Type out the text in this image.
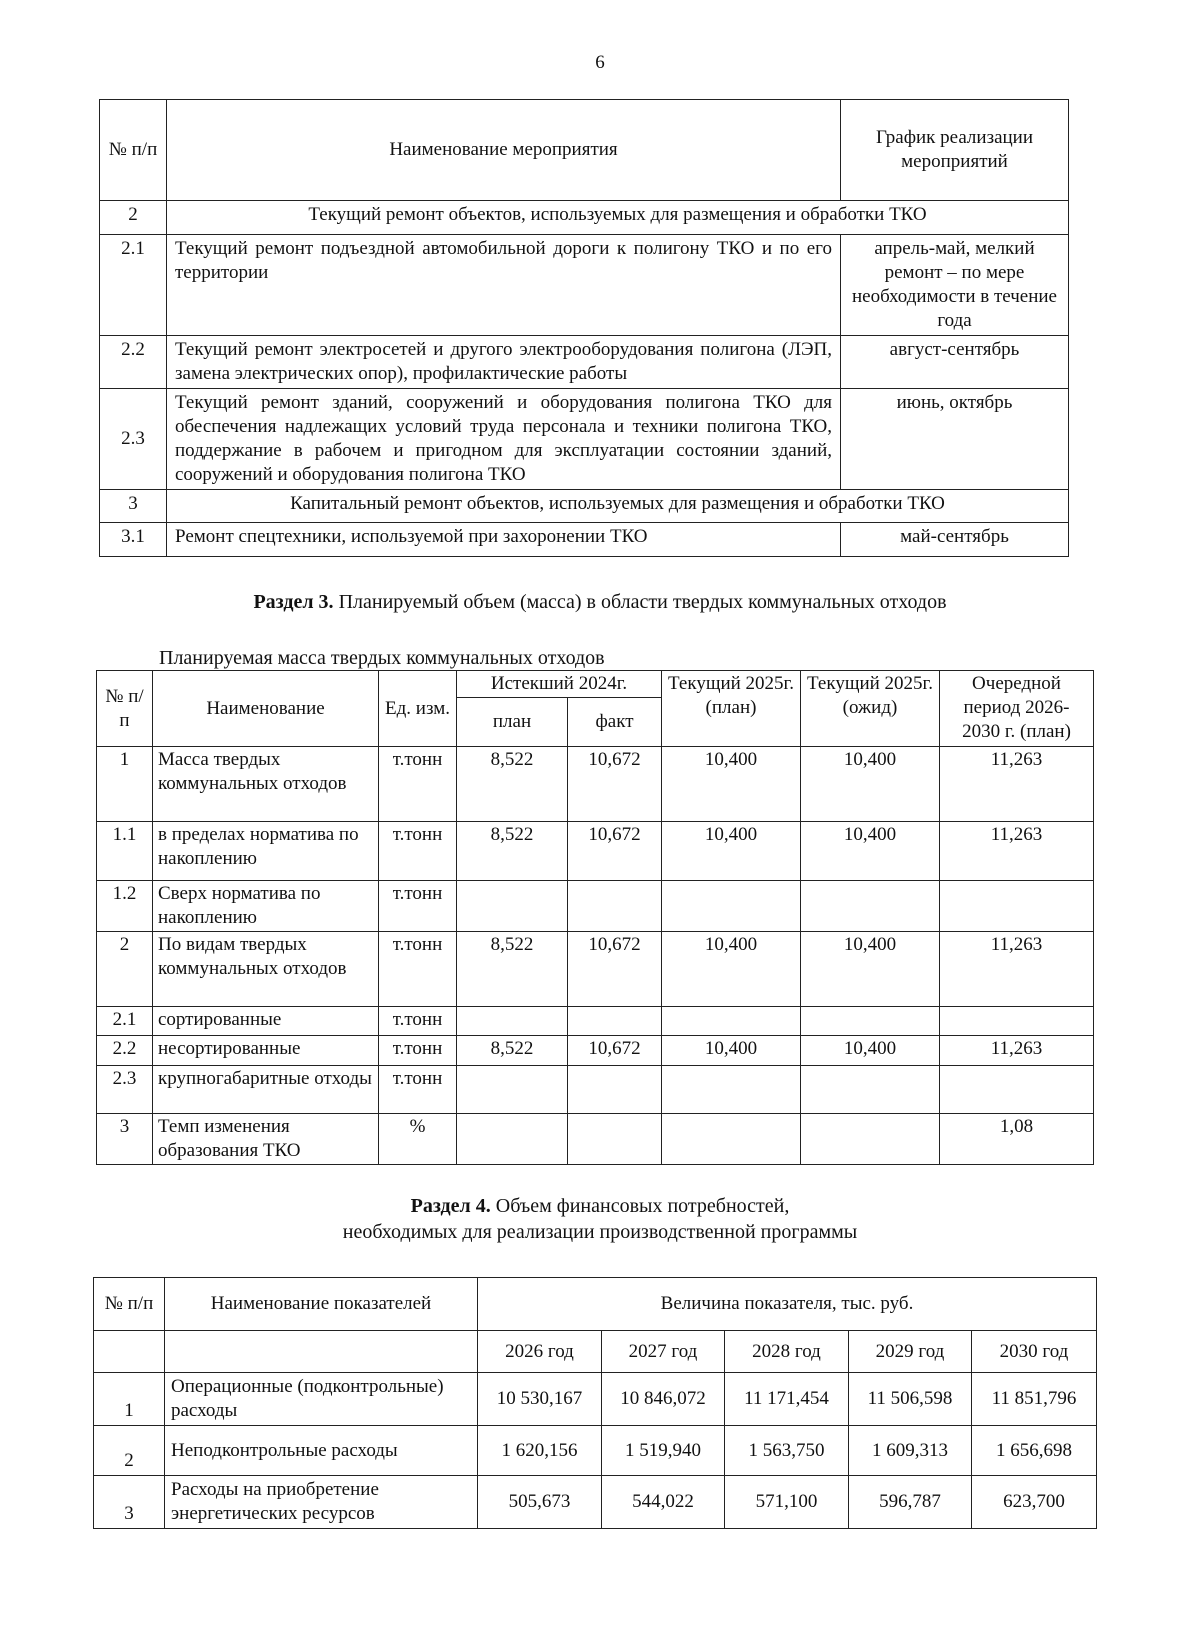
6
№ п/п	Наименование мероприятия	График реализации мероприятий
2	Текущий ремонт объектов, используемых для размещения и обработки ТКО	
2.1	Текущий ремонт подъездной автомобильной дороги к полигону ТКО и по его территории	апрель-май, мелкий ремонт – по мере необходимости в течение года
2.2	Текущий ремонт электросетей и другого электрооборудования полигона (ЛЭП, замена электрических опор), профилактические работы	август-сентябрь
2.3	Текущий ремонт зданий, сооружений и оборудования полигона ТКО для обеспечения надлежащих условий труда персонала и техники полигона ТКО, поддержание в рабочем и пригодном для эксплуатации состоянии зданий, сооружений и оборудования полигона ТКО	июнь, октябрь
3	Капитальный ремонт объектов, используемых для размещения и обработки ТКО	
3.1	Ремонт спецтехники, используемой при захоронении ТКО	май-сентябрь
Раздел 3. Планируемый объем (масса) в области твердых коммунальных отходов
Планируемая масса твердых коммунальных отходов
№ п/п	Наименование	Ед. изм.	Истекший 2024г.		Текущий 2025г. (план)	Текущий 2025г. (ожид)	Очередной период 2026-2030 г. (план)
			план	факт			
1	Масса твердых коммунальных отходов	т.тонн	8,522	10,672	10,400	10,400	11,263
1.1	в пределах норматива по накоплению	т.тонн	8,522	10,672	10,400	10,400	11,263
1.2	Сверх норматива по накоплению	т.тонн					
2	По видам твердых коммунальных отходов	т.тонн	8,522	10,672	10,400	10,400	11,263
2.1	сортированные	т.тонн					
2.2	несортированные	т.тонн	8,522	10,672	10,400	10,400	11,263
2.3	крупногабаритные отходы	т.тонн					
3	Темп изменения образования ТКО	%					1,08
Раздел 4. Объем финансовых потребностей,
необходимых для реализации производственной программы
№ п/п	Наименование показателей	Величина показателя, тыс. руб.				
		2026 год	2027 год	2028 год	2029 год	2030 год
1	Операционные (подконтрольные) расходы	10 530,167	10 846,072	11 171,454	11 506,598	11 851,796
2	Неподконтрольные расходы	1 620,156	1 519,940	1 563,750	1 609,313	1 656,698
3	Расходы на приобретение энергетических ресурсов	505,673	544,022	571,100	596,787	623,700
